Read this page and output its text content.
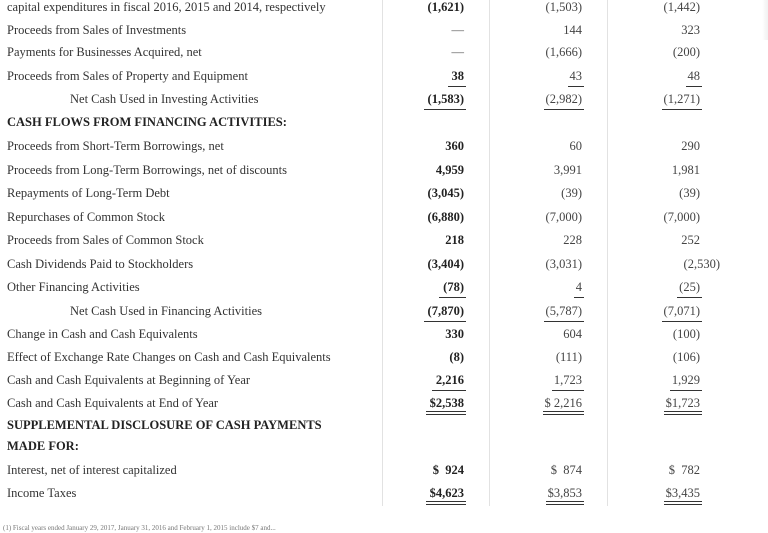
capital expenditures in fiscal 2016, 2015 and 2014, respectively	(1,621)	(1,503)	(1,442)
Proceeds from Sales of Investments	—	144	323
Payments for Businesses Acquired, net	—	(1,666)	(200)
Proceeds from Sales of Property and Equipment	38	43	48
Net Cash Used in Investing Activities	(1,583)	(2,982)	(1,271)
CASH FLOWS FROM FINANCING ACTIVITIES:
Proceeds from Short-Term Borrowings, net	360	60	290
Proceeds from Long-Term Borrowings, net of discounts	4,959	3,991	1,981
Repayments of Long-Term Debt	(3,045)	(39)	(39)
Repurchases of Common Stock	(6,880)	(7,000)	(7,000)
Proceeds from Sales of Common Stock	218	228	252
Cash Dividends Paid to Stockholders	(3,404)	(3,031)	(2,530)
Other Financing Activities	(78)	4	(25)
Net Cash Used in Financing Activities	(7,870)	(5,787)	(7,071)
Change in Cash and Cash Equivalents	330	604	(100)
Effect of Exchange Rate Changes on Cash and Cash Equivalents	(8)	(111)	(106)
Cash and Cash Equivalents at Beginning of Year	2,216	1,723	1,929
Cash and Cash Equivalents at End of Year	$2,538	$ 2,216	$1,723
SUPPLEMENTAL DISCLOSURE OF CASH PAYMENTS
MADE FOR:
Interest, net of interest capitalized	$  924	$  874	$  782
Income Taxes	$4,623	$3,853	$3,435
(1) Fiscal years ended January 29, 2017, January 31, 2016 and February 1, 2015 include $7 and...
